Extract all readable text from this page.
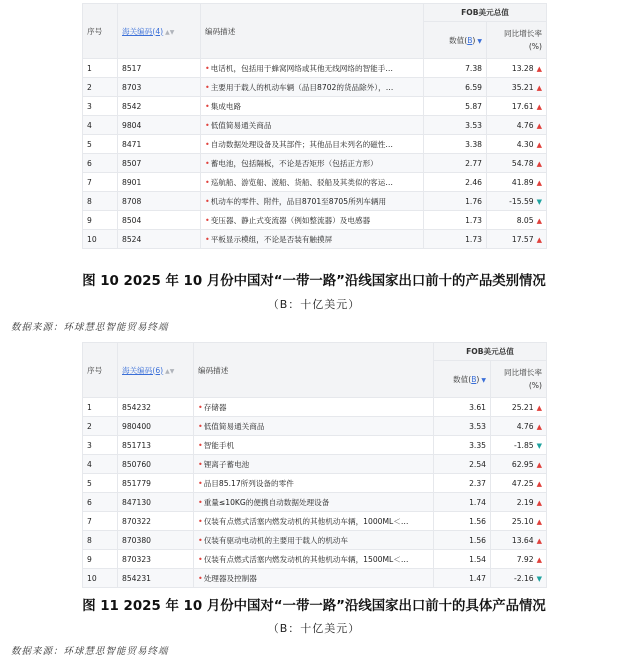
序号	海关编码(4) ▲▼	编码描述	FOB美元总值	
			数值(B) ▼	同比增长率(%)
1	8517	•电话机，包括用于蜂窝网络或其他无线网络的智能手…	7.38	13.28 ▲
2	8703	•主要用于载人的机动车辆（品目8702的货品除外），…	6.59	35.21 ▲
3	8542	•集成电路	5.87	17.61 ▲
4	9804	•低值简易通关商品	3.53	4.76 ▲
5	8471	•自动数据处理设备及其部件；其他品目未列名的磁性…	3.38	4.30 ▲
6	8507	•蓄电池，包括隔板，不论是否矩形（包括正方形）	2.77	54.78 ▲
7	8901	•巡航船、游览船、渡船、货船、驳船及其类似的客运…	2.46	41.89 ▲
8	8708	•机动车的零件、附件，品目8701至8705所列车辆用	1.76	-15.59 ▼
9	8504	•变压器、静止式变流器（例如整流器）及电感器	1.73	8.05 ▲
10	8524	•平板显示模组，不论是否装有触摸屏	1.73	17.57 ▲
图 10 2025 年 10 月份中国对“一带一路”沿线国家出口前十的产品类别情况
（B：十亿美元）
数据来源：环球慧思智能贸易终端
序号	海关编码(6) ▲▼	编码描述	FOB美元总值	
			数值(B) ▼	同比增长率(%)
1	854232	•存储器	3.61	25.21 ▲
2	980400	•低值简易通关商品	3.53	4.76 ▲
3	851713	•智能手机	3.35	-1.85 ▼
4	850760	•锂离子蓄电池	2.54	62.95 ▲
5	851779	•品目85.17所列设备的零件	2.37	47.25 ▲
6	847130	•重量≤10KG的便携自动数据处理设备	1.74	2.19 ▲
7	870322	•仅装有点燃式活塞内燃发动机的其他机动车辆，1000ML＜…	1.56	25.10 ▲
8	870380	•仅装有驱动电动机的主要用于载人的机动车	1.56	13.64 ▲
9	870323	•仅装有点燃式活塞内燃发动机的其他机动车辆，1500ML＜…	1.54	7.92 ▲
10	854231	•处理器及控制器	1.47	-2.16 ▼
图 11 2025 年 10 月份中国对“一带一路”沿线国家出口前十的具体产品情况
（B：十亿美元）
数据来源：环球慧思智能贸易终端
